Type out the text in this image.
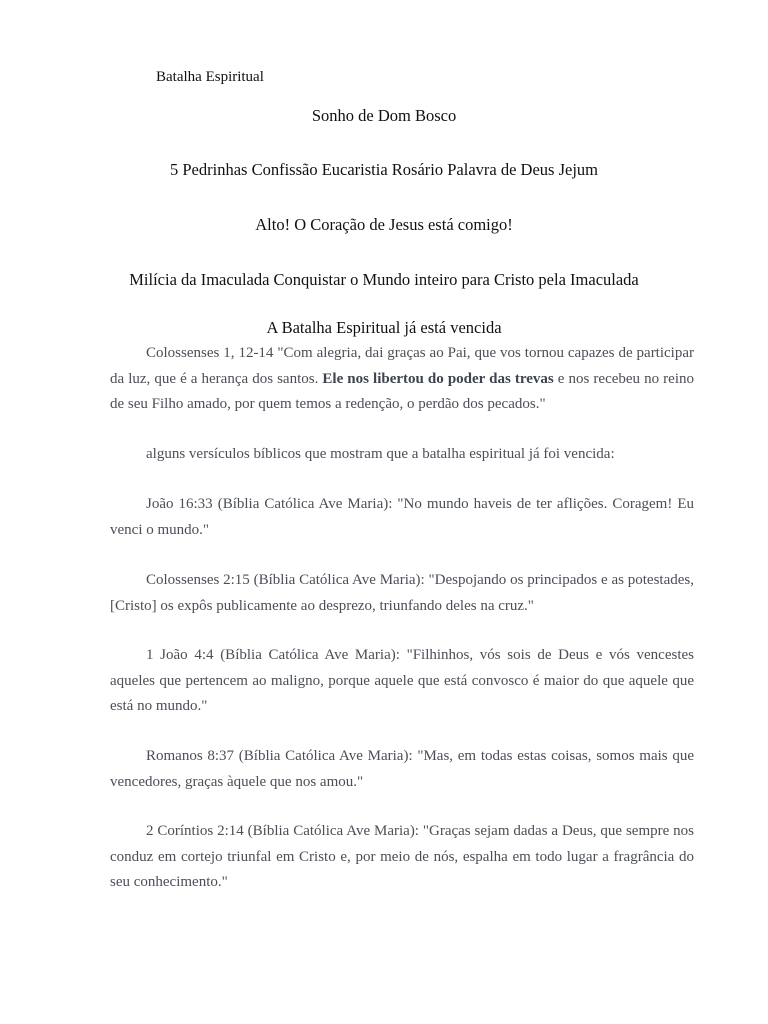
Batalha Espiritual
Sonho de Dom Bosco
5 Pedrinhas Confissão Eucaristia Rosário Palavra de Deus Jejum
Alto! O Coração de Jesus está comigo!
Milícia da Imaculada Conquistar o Mundo inteiro para Cristo pela Imaculada
A Batalha Espiritual já está vencida

Colossenses 1, 12-14 "Com alegria, dai graças ao Pai, que vos tornou capazes de participar da luz, que é a herança dos santos. Ele nos libertou do poder das trevas e nos recebeu no reino de seu Filho amado, por quem temos a redenção, o perdão dos pecados."

alguns versículos bíblicos que mostram que a batalha espiritual já foi vencida:

João 16:33 (Bíblia Católica Ave Maria): "No mundo haveis de ter aflições. Coragem! Eu venci o mundo."

Colossenses 2:15 (Bíblia Católica Ave Maria): "Despojando os principados e as potestades, [Cristo] os expôs publicamente ao desprezo, triunfando deles na cruz."

1 João 4:4 (Bíblia Católica Ave Maria): "Filhinhos, vós sois de Deus e vós vencestes aqueles que pertencem ao maligno, porque aquele que está convosco é maior do que aquele que está no mundo."

Romanos 8:37 (Bíblia Católica Ave Maria): "Mas, em todas estas coisas, somos mais que vencedores, graças àquele que nos amou."

2 Coríntios 2:14 (Bíblia Católica Ave Maria): "Graças sejam dadas a Deus, que sempre nos conduz em cortejo triunfal em Cristo e, por meio de nós, espalha em todo lugar a fragrância do seu conhecimento."
